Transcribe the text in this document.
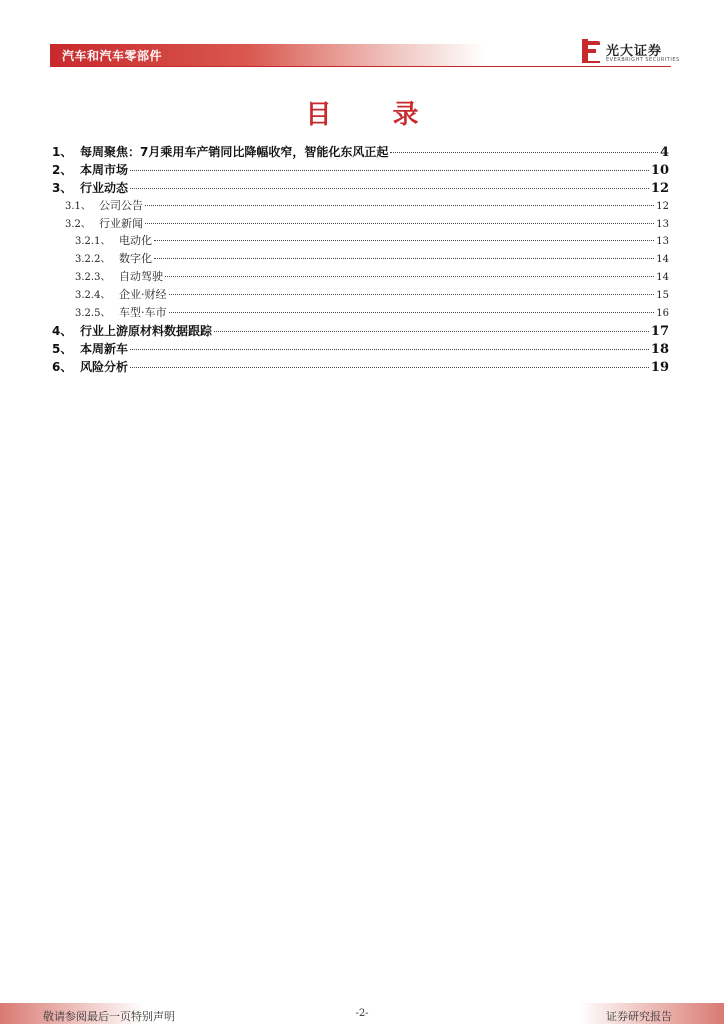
汽车和汽车零部件	光大证券
EVERBRIGHT SECURITIES
目 录
1、 每周聚焦：7月乘用车产销同比降幅收窄，智能化东风正起	4
2、 本周市场	10
3、 行业动态	12
3.1、 公司公告	12
3.2、 行业新闻	13
3.2.1、 电动化	13
3.2.2、 数字化	14
3.2.3、 自动驾驶	14
3.2.4、 企业·财经	15
3.2.5、 车型·车市	16
4、 行业上游原材料数据跟踪	17
5、 本周新车	18
6、 风险分析	19
敬请参阅最后一页特别声明	-2-	证券研究报告
